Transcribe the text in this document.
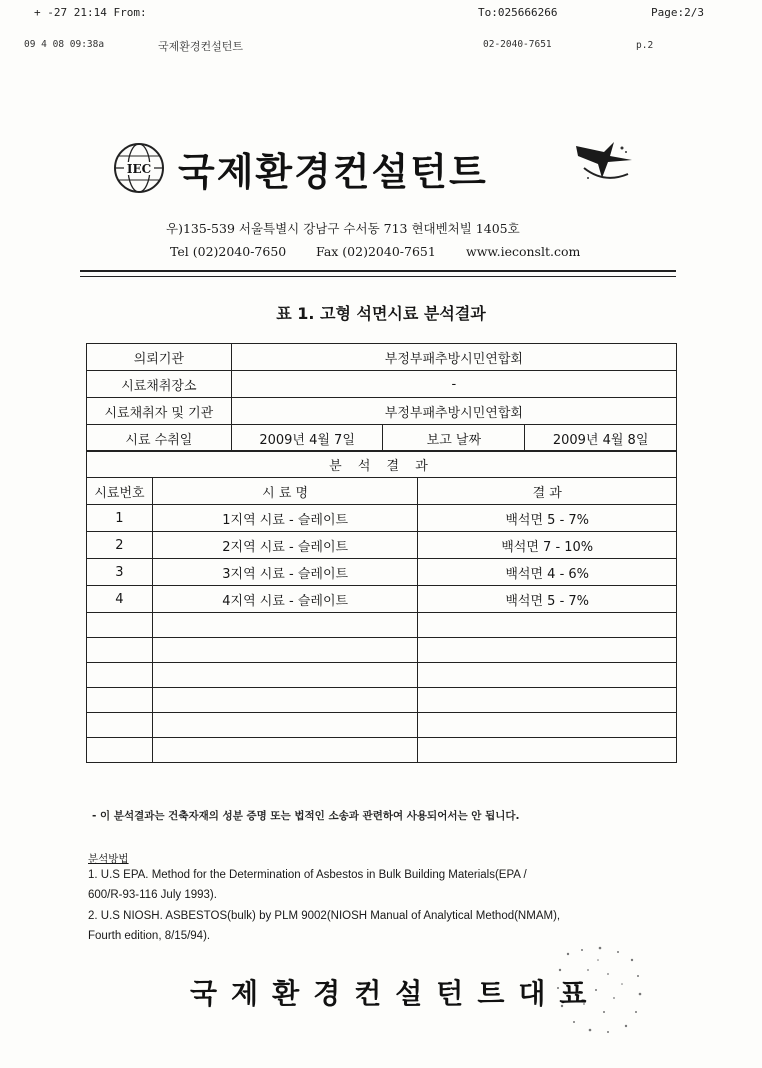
+ -27 21:14 From:	To:025666266	Page:2/3
09 4 08 09:38a	국제환경컨설턴트	02-2040-7651	p.2
IEC 국제환경컨설턴트
우)135-539 서울특별시 강남구 수서동 713 현대벤처빌 1405호
Tel (02)2040-7650 Fax (02)2040-7651 www.ieconslt.com
표 1. 고형 석면시료 분석결과
의뢰기관	부정부패추방시민연합회		
시료채취장소	-		
시료채취자 및 기관	부정부패추방시민연합회		
시료 수취일	2009년 4월 7일	보고 날짜	2009년 4월 8일
분 석 결 과		
시료번호	시 료 명	결 과
1	1지역 시료 - 슬레이트	백석면 5 - 7%
2	2지역 시료 - 슬레이트	백석면 7 - 10%
3	3지역 시료 - 슬레이트	백석면 4 - 6%
4	4지역 시료 - 슬레이트	백석면 5 - 7%

- 이 분석결과는 건축자재의 성분 증명 또는 법적인 소송과 관련하여 사용되어서는 안 됩니다.
분석방법
1. U.S EPA. Method for the Determination of Asbestos in Bulk Building Materials(EPA /
600/R-93-116 July 1993).
2. U.S NIOSH. ASBESTOS(bulk) by PLM 9002(NIOSH Manual of Analytical Method(NMAM),
Fourth edition, 8/15/94).
국제환경컨설턴트대표
